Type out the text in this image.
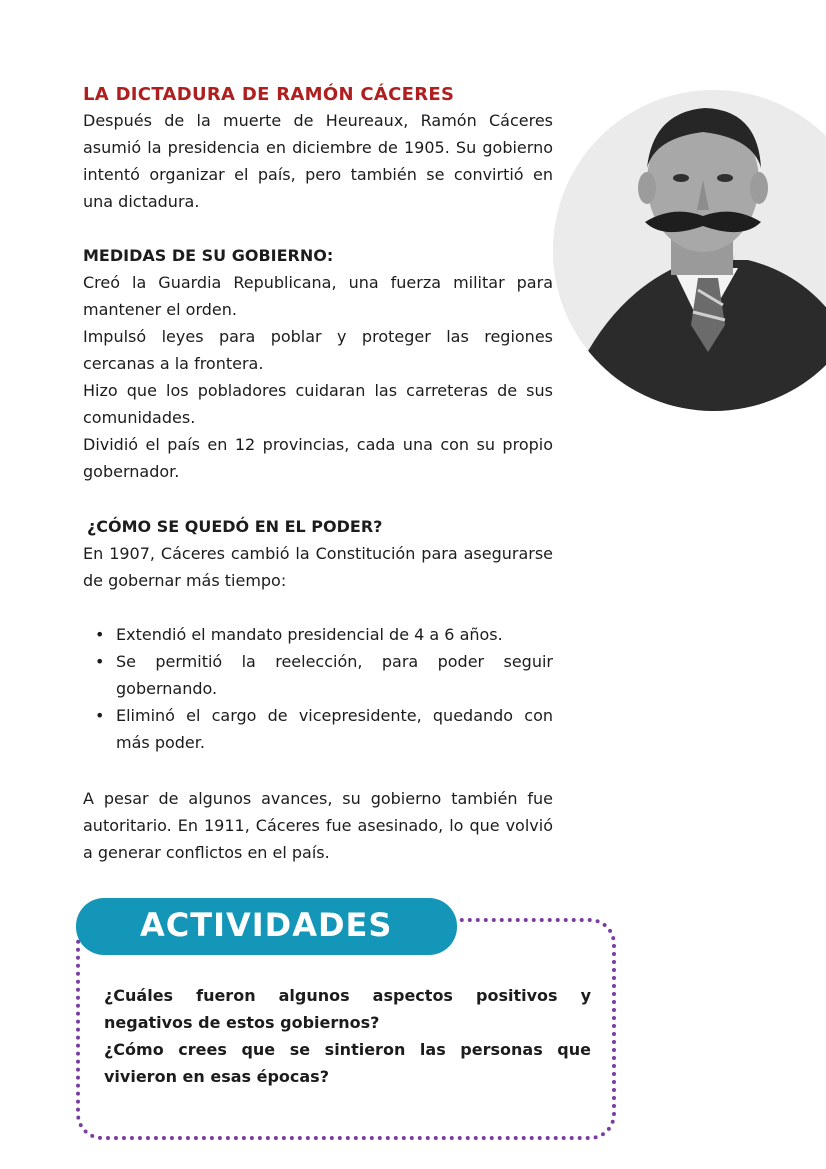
LA DICTADURA DE RAMÓN CÁCERES

Después de la muerte de Heureaux, Ramón Cáceres asumió la presidencia en diciembre de 1905. Su gobierno intentó organizar el país, pero también se convirtió en una dictadura.

MEDIDAS DE SU GOBIERNO:

Creó la Guardia Republicana, una fuerza militar para mantener el orden.

Impulsó leyes para poblar y proteger las regiones cercanas a la frontera.

Hizo que los pobladores cuidaran las carreteras de sus comunidades.

Dividió el país en 12 provincias, cada una con su propio gobernador.

¿CÓMO SE QUEDÓ EN EL PODER?

En 1907, Cáceres cambió la Constitución para asegurarse de gobernar más tiempo:

• Extendió el mandato presidencial de 4 a 6 años.
• Se permitió la reelección, para poder seguir gobernando.
• Eliminó el cargo de vicepresidente, quedando con más poder.

A pesar de algunos avances, su gobierno también fue autoritario. En 1911, Cáceres fue asesinado, lo que volvió a generar conflictos en el país.

ACTIVIDADES

¿Cuáles fueron algunos aspectos positivos y negativos de estos gobiernos?

¿Cómo crees que se sintieron las personas que vivieron en esas épocas?
